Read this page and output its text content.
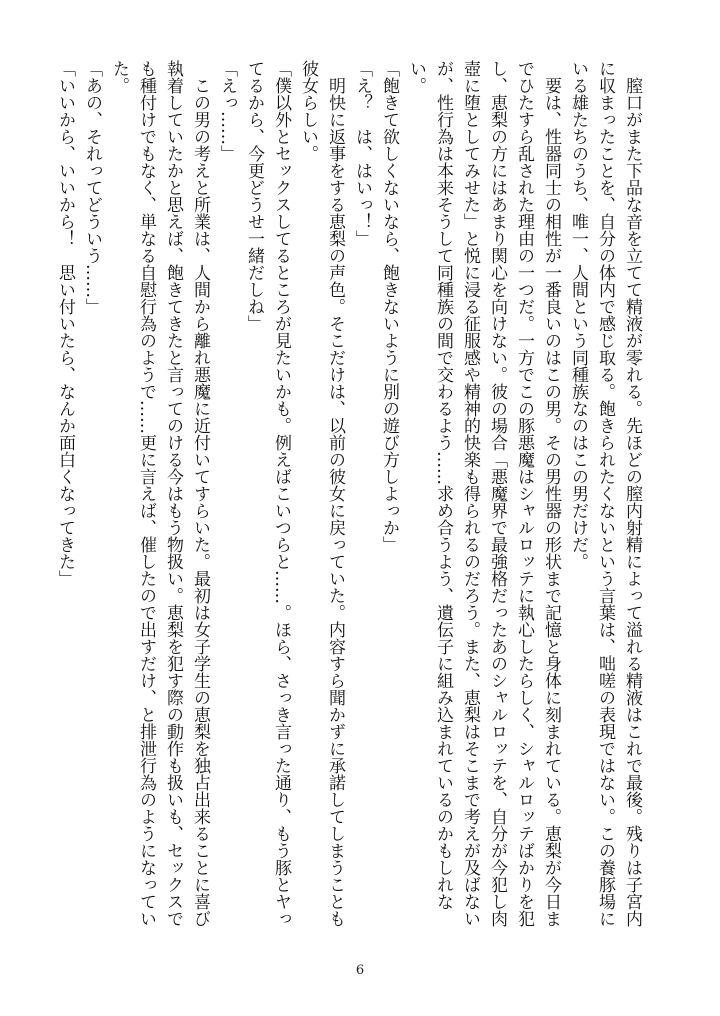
　膣口がまた下品な音を立てて精液が零れる。先ほどの膣内射精によって溢れる精液はこれで最後。残りは子宮内に収まったことを、自分の体内で感じ取る。飽きられたくないという言葉は、咄嗟の表現ではない。この養豚場にいる雄たちのうち、唯一、人間という同種族なのはこの男だけだ。

　要は、性器同士の相性が一番良いのはこの男。その男性器の形状まで記憶と身体に刻まれている。恵梨が今日までひたすら乱された理由の一つだ。一方でこの豚悪魔はシャルロッテに執心したらしく、シャルロッテばかりを犯し、恵梨の方にはあまり関心を向けない。彼の場合「悪魔界で最強格だったあのシャルロッテを、自分が今犯し肉壺に堕としてみせた」と悦に浸る征服感や精神的快楽も得られるのだろう。また、恵梨はそこまで考えが及ばないが、性行為は本来そうして同種族の間で交わるよう……求め合うよう、遺伝子に組み込まれているのかもしれない。

「飽きて欲しくないなら、飽きないように別の遊び方しよっか」

「え？　は、はいっ！」

　明快に返事をする恵梨の声色。そこだけは、以前の彼女に戻っていた。内容すら聞かずに承諾してしまうことも彼女らしい。

「僕以外とセックスしてるところが見たいかも。例えばこいつらと……。ほら、さっき言った通り、もう豚とヤってるから、今更どうせ一緒だしね」

「えっ……」

　この男の考えと所業は、人間から離れ悪魔に近付いてすらいた。最初は女子学生の恵梨を独占出来ることに喜び執着していたかと思えば、飽きてきたと言ってのける今はもう物扱い。恵梨を犯す際の動作も扱いも、セックスでも種付けでもなく、単なる自慰行為のようで……更に言えば、催したので出すだけ、と排泄行為のようになっていた。

「あの、それってどういう……」

「いいから、いいから！　思い付いたら、なんか面白くなってきた」

6
